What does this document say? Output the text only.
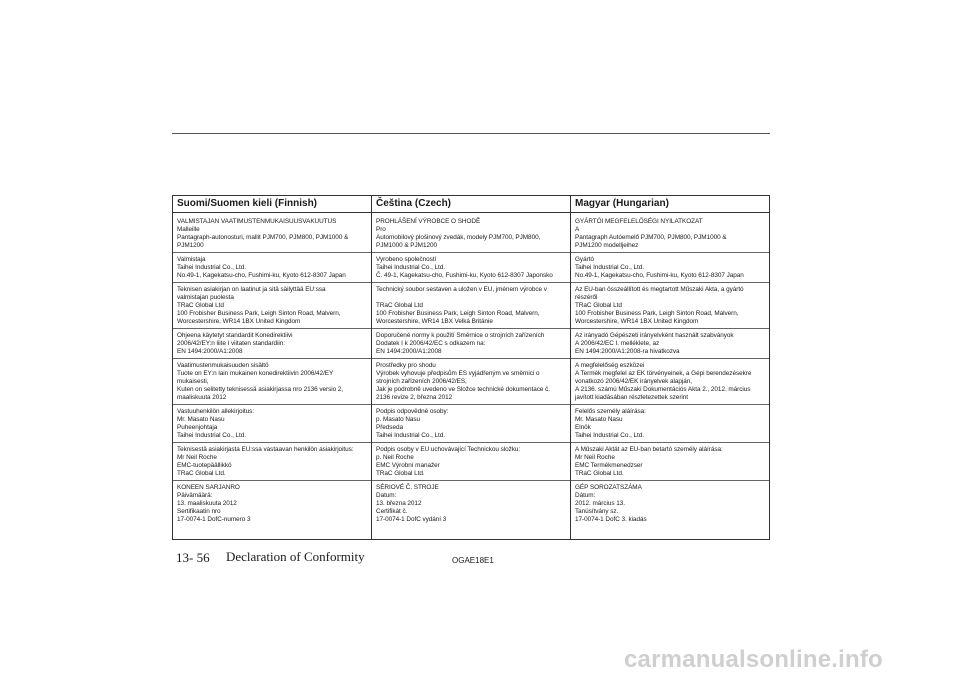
Suomi/Suomen kieli (Finnish)
VALMISTAJAN VAATIMUSTENMUKAISUUSVAKUUTUS
Malleille
Pantagraph-autonosturi, mallit PJM700, PJM800, PJM1000 &
PJM1200
Valmistaja
Taihei Industrial Co., Ltd.
No.49-1, Kagekatsu-cho, Fushimi-ku, Kyoto 612-8307 Japan
Teknisen asiakirjan on laatinut ja sitä säilyttää EU:ssa
valmistajan puolesta
TRaC Global Ltd
100 Frobisher Business Park, Leigh Sinton Road, Malvern,
Worcestershire, WR14 1BX United Kingdom
Ohjeena käytetyt standardit Konedirektiivi
2006/42/EY:n liite I viitaten standardiin:
EN 1494:2000/A1:2008
Vaatimustenmukaisuuden sisältö
Tuote on EY:n lain mukainen konedirektiivin 2006/42/EY
mukaisesti,
Kuten on selitetty teknisessä asiakirjassa nro 2136 versio 2,
maaliskuuta 2012
Vastuuhenkilön allekirjoitus:
Mr. Masato Nasu
Puheenjohtaja
Taihei Industrial Co., Ltd.
Teknisestä asiakirjasta EU:ssa vastaavan henkilön asiakirjoitus:
Mr Neil Roche
EMC-tuotepäällikkö
TRaC Global Ltd.
KONEEN SARJANRO
Päivämäärä:
13. maaliskuuta 2012
Sertifikaatin nro
17-0074-1 DofC-numero 3
Čeština (Czech)
PROHLÁŠENÍ VÝROBCE O SHODĚ
Pro
Automobilový plošinový zvedák, modely PJM700, PJM800,
PJM1000 & PJM1200
Vyrobeno společností
Taihei Industrial Co., Ltd.
Č. 49-1, Kagekatsu-cho, Fushimi-ku, Kyoto 612-8307 Japonsko
Technický soubor sestaven a uložen v EU, jménem výrobce v

TRaC Global Ltd
100 Frobisher Business Park, Leigh Sinton Road, Malvern,
Worcestershire, WR14 1BX Velká Británie
Doporučené normy k použití Směrnice o strojních zařízeních
Dodatek I k 2006/42/EC s odkazem na:
EN 1494:2000/A1:2008
Prostředky pro shodu
Výrobek vyhovuje předpisům ES vyjádřeným ve směrnici o
strojních zařízeních 2006/42/ES,
Jak je podrobně uvedeno ve Složce technické dokumentace č.
2136 revize 2, března 2012
Podpis odpovědné osoby:
p. Masato Nasu
Předseda
Taihei Industrial Co., Ltd.
Podpis osoby v EU uchovávající Technickou složku:
p. Neil Roche
EMC Výrobní manažer
TRaC Global Ltd.
SÉRIOVÉ Č. STROJE
Datum:
13. března 2012
Certifikát č.
17-0074-1 DofC vydání 3
Magyar (Hungarian)
GYÁRTÓI MEGFELELŐSÉGI NYILATKOZAT
A
Pantagraph Autóemelő PJM700, PJM800, PJM1000 &
PJM1200 modelljeihez
Gyártó
Taihei Industrial Co., Ltd.
No.49-1, Kagekatsu-cho, Fushimi-ku, Kyoto 612-8307 Japan
Az EU-ban összeállított és megtartott Műszaki Akta, a gyártó
részéről
TRaC Global Ltd
100 Frobisher Business Park, Leigh Sinton Road, Malvern,
Worcestershire, WR14 1BX United Kingdom
Az irányadó Gépészeti irányelvként használt szabványok
A 2006/42/EC I. melléklete, az
EN 1494:2000/A1:2008-ra hivatkozva
A megfelelőség eszközei
A Termék megfelel az EK törvényeinek, a Gépi berendezésekre
vonatkozó 2006/42/EK irányelvek alapján,
A 2136. számú Műszaki Dokumentációs Akta 2., 2012. március
javított kiadásában részletezettek szerint
Felelős személy aláírása:
Mr. Masato Nasu
Elnök
Taihei Industrial Co., Ltd.
A Műszaki Aktát az EU-ban betartó személy aláírása:
Mr Neil Roche
EMC Termékmenedzser
TRaC Global Ltd.
GÉP SOROZATSZÁMA
Dátum:
2012. március 13.
Tanúsítvány sz.
17-0074-1 DofC 3. kiadás
13- 56 Declaration of Conformity	OGAE18E1
carmanualsonline.info
